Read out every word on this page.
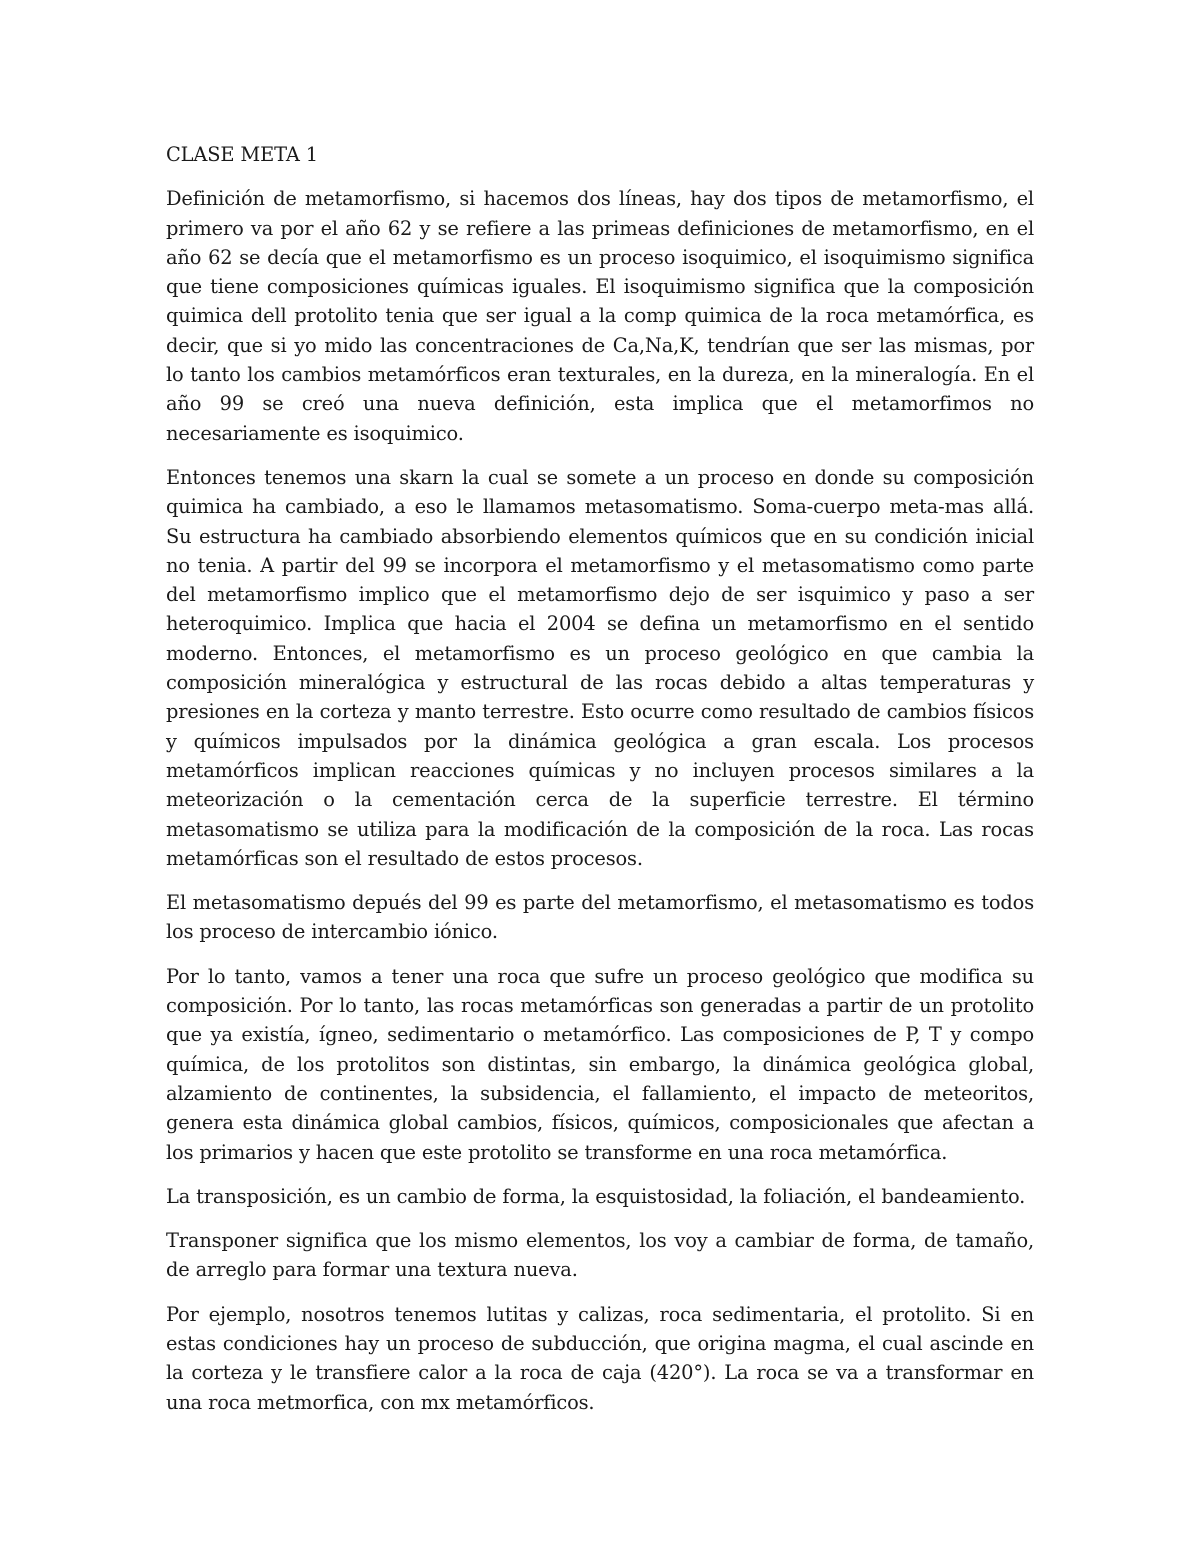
CLASE META 1

Definición de metamorfismo, si hacemos dos líneas, hay dos tipos de metamorfismo, el primero va por el año 62 y se refiere a las primeas definiciones de metamorfismo, en el año 62 se decía que el metamorfismo es un proceso isoquimico, el isoquimismo significa que tiene composiciones químicas iguales. El isoquimismo significa que la composición quimica dell protolito tenia que ser igual a la comp quimica de la roca metamórfica, es decir, que si yo mido las concentraciones de Ca,Na,K, tendrían que ser las mismas, por lo tanto los cambios metamórficos eran texturales, en la dureza, en la mineralogía. En el año 99 se creó una nueva definición, esta implica que el metamorfimos no necesariamente es isoquimico.

Entonces tenemos una skarn la cual se somete a un proceso en donde su composición quimica ha cambiado, a eso le llamamos metasomatismo. Soma-cuerpo meta-mas allá. Su estructura ha cambiado absorbiendo elementos químicos que en su condición inicial no tenia. A partir del 99 se incorpora el metamorfismo y el metasomatismo como parte del metamorfismo implico que el metamorfismo dejo de ser isquimico y paso a ser heteroquimico. Implica que hacia el 2004 se defina un metamorfismo en el sentido moderno. Entonces, el metamorfismo es un proceso geológico en que cambia la composición mineralógica y estructural de las rocas debido a altas temperaturas y presiones en la corteza y manto terrestre. Esto ocurre como resultado de cambios físicos y químicos impulsados por la dinámica geológica a gran escala. Los procesos metamórficos implican reacciones químicas y no incluyen procesos similares a la meteorización o la cementación cerca de la superficie terrestre. El término metasomatismo se utiliza para la modificación de la composición de la roca. Las rocas metamórficas son el resultado de estos procesos.

El metasomatismo depués del 99 es parte del metamorfismo, el metasomatismo es todos los proceso de intercambio iónico.

Por lo tanto, vamos a tener una roca que sufre un proceso geológico que modifica su composición. Por lo tanto, las rocas metamórficas son generadas a partir de un protolito que ya existía, ígneo, sedimentario o metamórfico. Las composiciones de P, T y compo química, de los protolitos son distintas, sin embargo, la dinámica geológica global, alzamiento de continentes, la subsidencia, el fallamiento, el impacto de meteoritos, genera esta dinámica global cambios, físicos, químicos, composicionales que afectan a los primarios y hacen que este protolito se transforme en una roca metamórfica.

La transposición, es un cambio de forma, la esquistosidad, la foliación, el bandeamiento.

Transponer significa que los mismo elementos, los voy a cambiar de forma, de tamaño, de arreglo para formar una textura nueva.

Por ejemplo, nosotros tenemos lutitas y calizas, roca sedimentaria, el protolito. Si en estas condiciones hay un proceso de subducción, que origina magma, el cual ascinde en la corteza y le transfiere calor a la roca de caja (420°). La roca se va a transformar en una roca metmorfica, con mx metamórficos.
